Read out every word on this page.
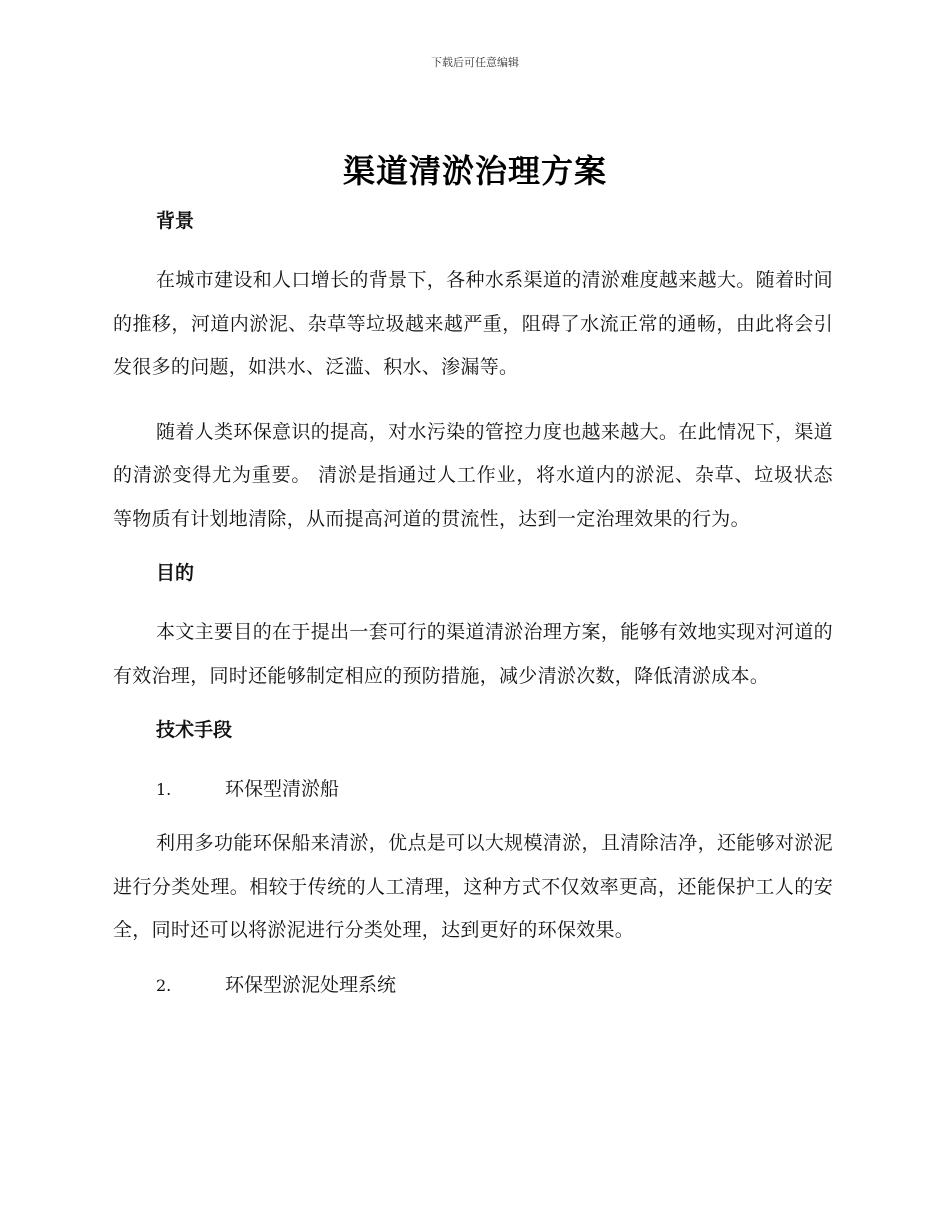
下载后可任意编辑
渠道清淤治理方案
背景

在城市建设和人口增长的背景下，各种水系渠道的清淤难度越来越大。随着时间的推移，河道内淤泥、杂草等垃圾越来越严重，阻碍了水流正常的通畅，由此将会引发很多的问题，如洪水、泛滥、积水、渗漏等。

随着人类环保意识的提高，对水污染的管控力度也越来越大。在此情况下，渠道的清淤变得尤为重要。 清淤是指通过人工作业，将水道内的淤泥、杂草、垃圾状态等物质有计划地清除，从而提高河道的贯流性，达到一定治理效果的行为。

目的

本文主要目的在于提出一套可行的渠道清淤治理方案，能够有效地实现对河道的有效治理，同时还能够制定相应的预防措施，减少清淤次数，降低清淤成本。

技术手段
1.	环保型清淤船

利用多功能环保船来清淤，优点是可以大规模清淤，且清除洁净，还能够对淤泥进行分类处理。相较于传统的人工清理，这种方式不仅效率更高，还能保护工人的安全，同时还可以将淤泥进行分类处理，达到更好的环保效果。

2.	环保型淤泥处理系统
